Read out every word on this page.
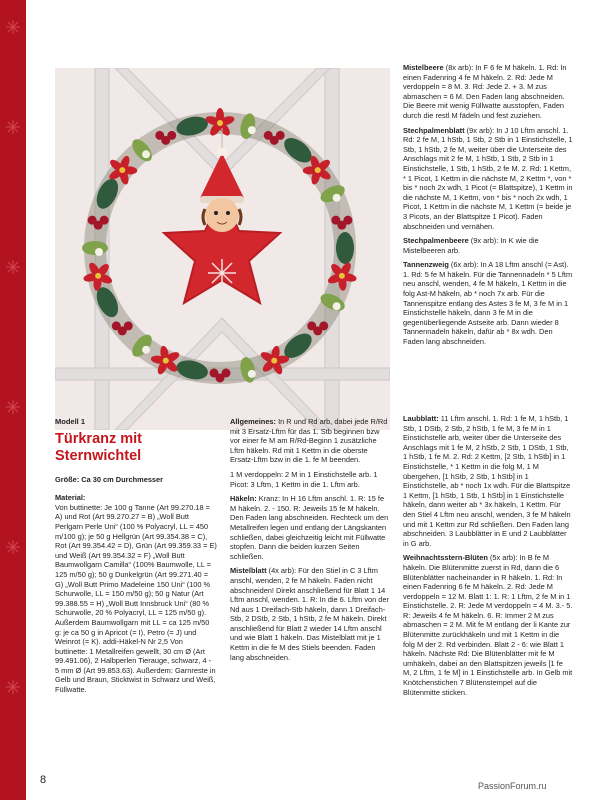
Mistelbeere (8x arb): In F 6 fe M häkeln. 1. Rd: In einen Fadenring 4 fe M häkeln. 2. Rd: Jede M verdoppeln = 8 M. 3. Rd: Jede 2. + 3. M zus abmaschen = 6 M. Den Faden lang abschneiden. Die Beere mit wenig Füllwatte ausstopfen, Faden durch die restl M fädeln und fest zuziehen.

Stechpalmenblatt (9x arb): In J 10 Lftm anschl. 1. Rd: 2 fe M, 1 hStb, 1 Stb, 2 Stb in 1 Einstichstelle, 1 Stb, 1 hStb, 2 fe M, weiter über die Unterseite des Anschlags mit 2 fe M, 1 hStb, 1 Stb, 2 Stb in 1 Einstichstelle, 1 Stb, 1 hStb, 2 fe M. 2. Rd: 1 Kettm, * 1 Picot, 1 Kettm in die nächste M, 2 Kettm *, von * bis * noch 2x wdh, 1 Picot (= Blattspitze), 1 Kettm in die nächste M, 1 Kettm, von * bis * noch 2x wdh, 1 Picot, 1 Kettm in die nächste M, 1 Kettm (= beide je 3 Picots, an der Blattspitze 1 Picot). Faden abschneiden und vernähen.

Stechpalmenbeere (9x arb): In K wie die Mistelbeeren arb.

Tannenzweig (6x arb): In A 18 Lftm anschl (= Ast). 1. Rd: 5 fe M häkeln. Für die Tannennadeln * 5 Lftm neu anschl, wenden, 4 fe M häkeln, 1 Kettm in die folg Ast-M häkeln, ab * noch 7x arb. Für die Tannenspitze entlang des Astes 3 fe M, 3 fe M in 1 Einstichstelle häkeln, dann 3 fe M in die gegenüberliegende Astseite arb. Dann wieder 8 Tannennadeln häkeln, dafür ab * 8x wdh. Den Faden lang abschneiden.

Modell 1
Türkranz mit Sternwichtel

Größe: Ca 30 cm Durchmesser

Material:

Von buttinette: Je 100 g Tanne (Art 99.270.18 = A) und Rot (Art 99.270.27 = B) „Woll Butt Perlgarn Perle Uni“ (100 % Polyacryl, LL = 450 m/100 g); je 50 g Hellgrün (Art 99.354.38 = C), Rot (Art 99.354.42 = D), Grün (Art 99.359.33 = E) und Weiß (Art 99.354.32 = F) „Woll Butt Baumwollgarn Camilla“ (100% Baumwolle, LL = 125 m/50 g); 50 g Dunkelgrün (Art 99.271.40 = G) „Woll Butt Primo Madeleine 150 Uni“ (100 % Schurwolle, LL = 150 m/50 g); 50 g Natur (Art 99.388.55 = H) „Woll Butt Innsbruck Uni“ (80 % Schurwolle, 20 % Polyacryl, LL = 125 m/50 g). Außerdem Baumwollgarn mit LL = ca 125 m/50 g: je ca 50 g in Apricot (= I), Petro (= J) und Weinrot (= K). addi-Häkel-N Nr 2,5 Von buttinette: 1 Metallreifen gewellt, 30 cm Ø (Art 99.491.06), 2 Halbperlen Tierauge, schwarz, 4 - 5 mm Ø (Art 99.853.63). Außerdem: Garnreste in Gelb und Braun, Sticktwist in Schwarz und Weiß, Füllwatte.

Allgemeines: In R und Rd arb, dabei jede R/Rd mit 3 Ersatz-Lftm für das 1. Stb beginnen bzw vor einer fe M am R/Rd-Beginn 1 zusätzliche Lftm häkeln. Rd mit 1 Kettm in die oberste Ersatz-Lftm bzw in die 1. fe M beenden.

1 M verdoppeln: 2 M in 1 Einstichstelle arb. 1 Picot: 3 Lftm, 1 Kettm in die 1. Lftm arb.

Häkeln: Kranz: In H 16 Lftm anschl. 1. R: 15 fe M häkeln. 2. - 150. R: Jeweils 15 fe M häkeln. Den Faden lang abschneiden. Rechteck um den Metallreifen legen und entlang der Längskanten schließen, dabei gleichzeitig leicht mit Füllwatte stopfen. Dann die beiden kurzen Seiten schließen.

Mistelblatt (4x arb): Für den Stiel in C 3 Lftm anschl, wenden, 2 fe M häkeln. Faden nicht abschneiden! Direkt anschließend für Blatt 1 14 Lftm anschl, wenden. 1. R: In die 6. Lftm von der Nd aus 1 Dreifach-Stb häkeln, dann 1 Dreifach-Stb, 2 DStb, 2 Stb, 1 hStb, 2 fe M häkeln. Direkt anschließend für Blatt 2 wieder 14 Lftm anschl und wie Blatt 1 häkeln. Das Mistelblatt mit je 1 Kettm in die fe M des Stiels beenden. Faden lang abschneiden.

Laubblatt: 11 Lftm anschl. 1. Rd: 1 fe M, 1 hStb, 1 Stb, 1 DStb, 2 Stb, 2 hStb, 1 fe M, 3 fe M in 1 Einstichstelle arb, weiter über die Unterseite des Anschlags mit 1 fe M, 2 hStb, 2 Stb, 1 DStb, 1 Stb, 1 hStb, 1 fe M. 2. Rd: 2 Kettm, [2 Stb, 1 hStb] in 1 Einstichstelle, * 1 Kettm in die folg M, 1 M übergehen, [1 hStb, 2 Stb, 1 hStb] in 1 Einstichstelle, ab * noch 1x wdh. Für die Blattspitze 1 Kettm, [1 hStb, 1 Stb, 1 hStb] in 1 Einstichstelle häkeln, dann weiter ab * 3x häkeln, 1 Kettm. Für den Stiel 4 Lftm neu anschl, wenden, 3 fe M häkeln und mit 1 Kettm zur Rd schließen. Den Faden lang abschneiden. 3 Laubblätter in E und 2 Laubblätter in G arb.

Weihnachtsstern-Blüten (5x arb): In B fe M häkeln. Die Blütenmitte zuerst in Rd, dann die 6 Blütenblätter nacheinander in R häkeln. 1. Rd: In einen Fadenring 6 fe M häkeln. 2. Rd: Jede M verdoppeln = 12 M. Blatt 1: 1. R: 1 Lftm, 2 fe M in 1 Einstichstelle. 2. R: Jede M verdoppeln = 4 M. 3.- 5. R: Jeweils 4 fe M häkeln. 6. R: Immer 2 M zus abmaschen = 2 M. Mit fe M entlang der li Kante zur Blütenmitte zurückhäkeln und mit 1 Kettm in die folg M der 2. Rd verbinden. Blatt 2 - 6: wie Blatt 1 häkeln. Nächste Rd: Die Blütenblätter mit fe M umhäkeln, dabei an den Blattspitzen jeweils [1 fe M, 2 Lftm, 1 fe M] in 1 Einstichstelle arb. In Gelb mit Knötchenstichen 7 Blütenstempel auf die Blütenmitte sticken.

8	PassionForum.ru
